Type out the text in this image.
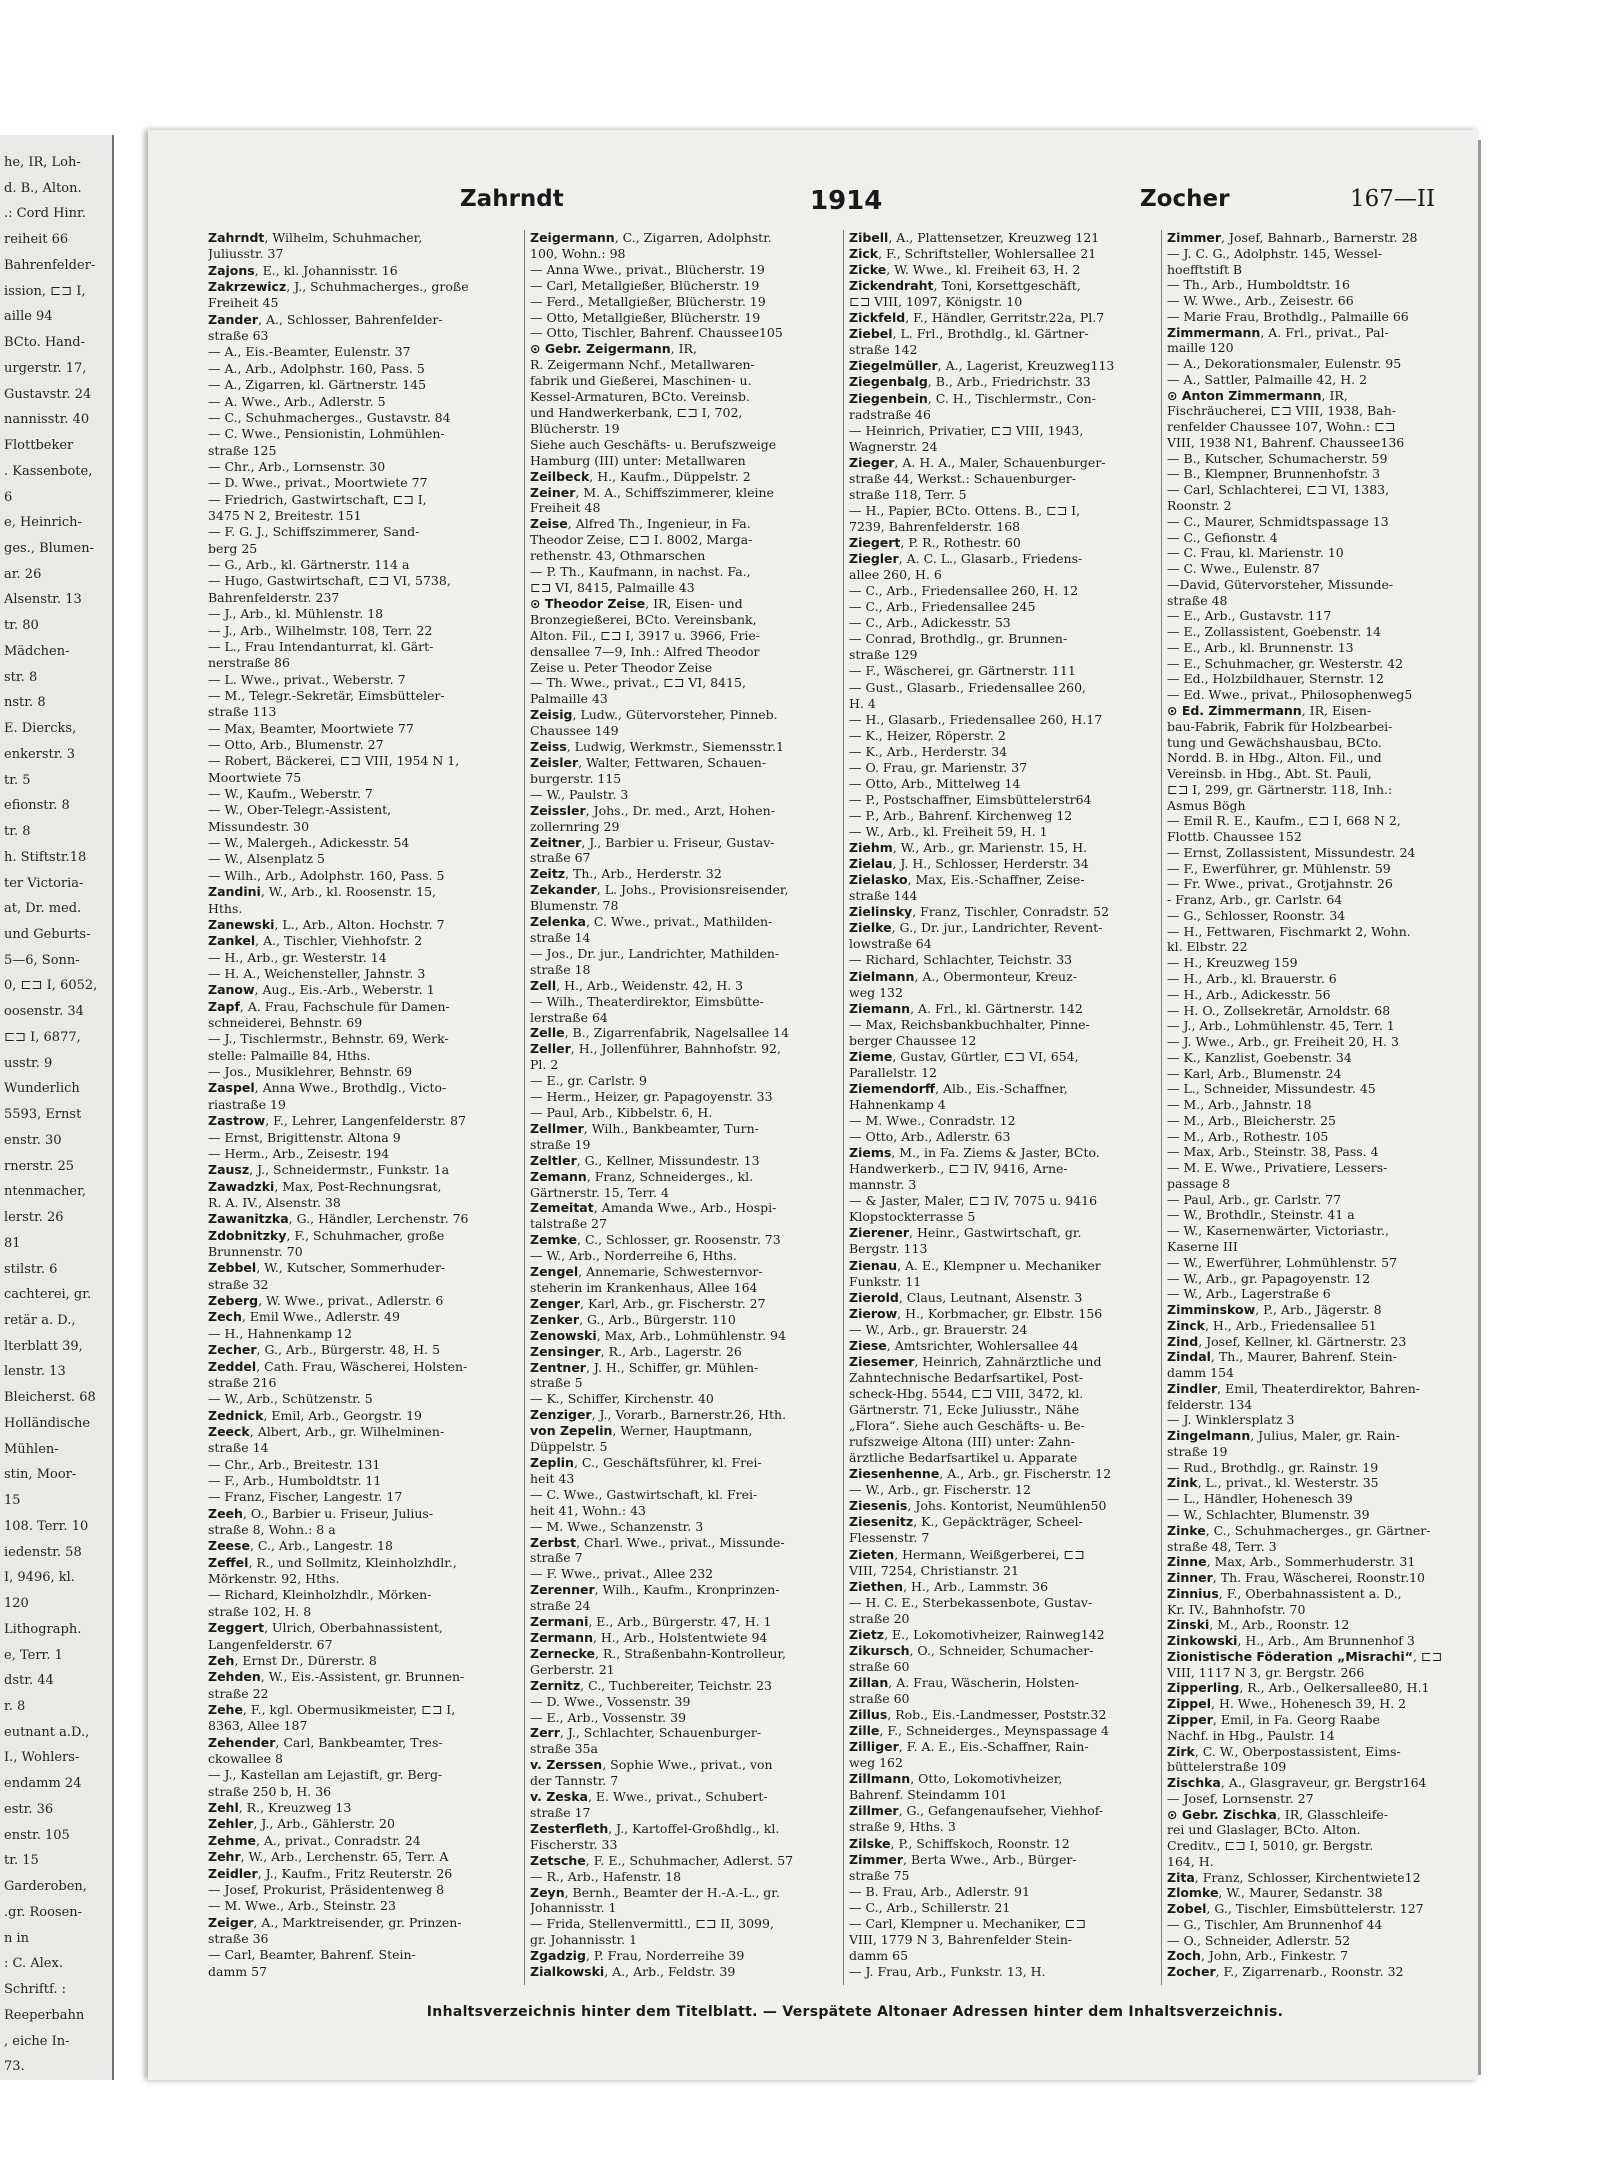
he, IR, Loh-
d. B., Alton.
.: Cord Hinr.
reiheit 66
Bahrenfelder-
ission, ⊏⊐ I,
aille 94
BCto. Hand-
urgerstr. 17,
Gustavstr. 24
nannisstr. 40
Flottbeker
. Kassenbote,
6
e, Heinrich-
ges., Blumen-
ar. 26
Alsenstr. 13
tr. 80
Mädchen-
str. 8
nstr. 8
E. Diercks,
enkerstr. 3
tr. 5
efionstr. 8
tr. 8
h. Stiftstr.18
ter Victoria-
at, Dr. med.
und Geburts-
5—6, Sonn-
0, ⊏⊐ I, 6052,
oosenstr. 34
⊏⊐ I, 6877,
usstr. 9
Wunderlich
5593, Ernst
enstr. 30
rnerstr. 25
ntenmacher,
lerstr. 26
81
stilstr. 6
cachterei, gr.
retär a. D.,
lterblatt 39,
lenstr. 13
Bleicherst. 68
Holländische
Mühlen-
stin, Moor-
15
108. Terr. 10
iedenstr. 58
I, 9496, kl.
120
Lithograph.
e, Terr. 1
dstr. 44
r. 8
eutnant a.D.,
I., Wohlers-
endamm 24
estr. 36
enstr. 105
tr. 15
Garderoben,
.gr. Roosen-
n in
: C. Alex.
Schriftf. :
Reeperbahn
, eiche In-
73.
Zahrndt	1914	Zocher	167—II
Zahrndt, Wilhelm, Schuhmacher,
Juliusstr. 37
Zajons, E., kl. Johannisstr. 16
Zakrzewicz, J., Schuhmacherges., große
Freiheit 45
Zander, A., Schlosser, Bahrenfelder-
straße 63
— A., Eis.-Beamter, Eulenstr. 37
— A., Arb., Adolphstr. 160, Pass. 5
— A., Zigarren, kl. Gärtnerstr. 145
— A. Wwe., Arb., Adlerstr. 5
— C., Schuhmacherges., Gustavstr. 84
— C. Wwe., Pensionistin, Lohmühlen-
straße 125
— Chr., Arb., Lornsenstr. 30
— D. Wwe., privat., Moortwiete 77
— Friedrich, Gastwirtschaft, ⊏⊐ I,
3475 N 2, Breitestr. 151
— F. G. J., Schiffszimmerer, Sand-
berg 25
— G., Arb., kl. Gärtnerstr. 114 a
— Hugo, Gastwirtschaft, ⊏⊐ VI, 5738,
Bahrenfelderstr. 237
— J., Arb., kl. Mühlenstr. 18
— J., Arb., Wilhelmstr. 108, Terr. 22
— L., Frau Intendanturrat, kl. Gärt-
nerstraße 86
— L. Wwe., privat., Weberstr. 7
— M., Telegr.-Sekretär, Eimsbütteler-
straße 113
— Max, Beamter, Moortwiete 77
— Otto, Arb., Blumenstr. 27
— Robert, Bäckerei, ⊏⊐ VIII, 1954 N 1,
Moortwiete 75
— W., Kaufm., Weberstr. 7
— W., Ober-Telegr.-Assistent,
Missundestr. 30
— W., Malergeh., Adickesstr. 54
— W., Alsenplatz 5
— Wilh., Arb., Adolphstr. 160, Pass. 5
Zandini, W., Arb., kl. Roosenstr. 15,
Hths.
Zanewski, L., Arb., Alton. Hochstr. 7
Zankel, A., Tischler, Viehhofstr. 2
— H., Arb., gr. Westerstr. 14
— H. A., Weichensteller, Jahnstr. 3
Zanow, Aug., Eis.-Arb., Weberstr. 1
Zapf, A. Frau, Fachschule für Damen-
schneiderei, Behnstr. 69
— J., Tischlermstr., Behnstr. 69, Werk-
stelle: Palmaille 84, Hths.
— Jos., Musiklehrer, Behnstr. 69
Zaspel, Anna Wwe., Brothdlg., Victo-
riastraße 19
Zastrow, F., Lehrer, Langenfelderstr. 87
— Ernst, Brigittenstr. Altona 9
— Herm., Arb., Zeisestr. 194
Zausz, J., Schneidermstr., Funkstr. 1a
Zawadzki, Max, Post-Rechnungsrat,
R. A. IV., Alsenstr. 38
Zawanitzka, G., Händler, Lerchenstr. 76
Zdobnitzky, F., Schuhmacher, große
Brunnenstr. 70
Zebbel, W., Kutscher, Sommerhuder-
straße 32
Zeberg, W. Wwe., privat., Adlerstr. 6
Zech, Emil Wwe., Adlerstr. 49
— H., Hahnenkamp 12
Zecher, G., Arb., Bürgerstr. 48, H. 5
Zeddel, Cath. Frau, Wäscherei, Holsten-
straße 216
— W., Arb., Schützenstr. 5
Zednick, Emil, Arb., Georgstr. 19
Zeeck, Albert, Arb., gr. Wilhelminen-
straße 14
— Chr., Arb., Breitestr. 131
— F., Arb., Humboldtstr. 11
— Franz, Fischer, Langestr. 17
Zeeh, O., Barbier u. Friseur, Julius-
straße 8, Wohn.: 8 a
Zeese, C., Arb., Langestr. 18
Zeffel, R., und Sollmitz, Kleinholzhdlr.,
Mörkenstr. 92, Hths.
— Richard, Kleinholzhdlr., Mörken-
straße 102, H. 8
Zeggert, Ulrich, Oberbahnassistent,
Langenfelderstr. 67
Zeh, Ernst Dr., Dürerstr. 8
Zehden, W., Eis.-Assistent, gr. Brunnen-
straße 22
Zehe, F., kgl. Obermusikmeister, ⊏⊐ I,
8363, Allee 187
Zehender, Carl, Bankbeamter, Tres-
ckowallee 8
— J., Kastellan am Lejastift, gr. Berg-
straße 250 b, H. 36
Zehl, R., Kreuzweg 13
Zehler, J., Arb., Gählerstr. 20
Zehme, A., privat., Conradstr. 24
Zehr, W., Arb., Lerchenstr. 65, Terr. A
Zeidler, J., Kaufm., Fritz Reuterstr. 26
— Josef, Prokurist, Präsidentenweg 8
— M. Wwe., Arb., Steinstr. 23
Zeiger, A., Marktreisender, gr. Prinzen-
straße 36
— Carl, Beamter, Bahrenf. Stein-
damm 57
Zeigermann, C., Zigarren, Adolphstr.
100, Wohn.: 98
— Anna Wwe., privat., Blücherstr. 19
— Carl, Metallgießer, Blücherstr. 19
— Ferd., Metallgießer, Blücherstr. 19
— Otto, Metallgießer, Blücherstr. 19
— Otto, Tischler, Bahrenf. Chaussee105
⊙ Gebr. Zeigermann, IR,
R. Zeigermann Nchf., Metallwaren-
fabrik und Gießerei, Maschinen- u.
Kessel-Armaturen, BCto. Vereinsb.
und Handwerkerbank, ⊏⊐ I, 702,
Blücherstr. 19
Siehe auch Geschäfts- u. Berufszweige
Hamburg (III) unter: Metallwaren
Zeilbeck, H., Kaufm., Düppelstr. 2
Zeiner, M. A., Schiffszimmerer, kleine
Freiheit 48
Zeise, Alfred Th., Ingenieur, in Fa.
Theodor Zeise, ⊏⊐ I. 8002, Marga-
rethenstr. 43, Othmarschen
— P. Th., Kaufmann, in nachst. Fa.,
⊏⊐ VI, 8415, Palmaille 43
⊙ Theodor Zeise, IR, Eisen- und
Bronzegießerei, BCto. Vereinsbank,
Alton. Fil., ⊏⊐ I, 3917 u. 3966, Frie-
densallee 7—9, Inh.: Alfred Theodor
Zeise u. Peter Theodor Zeise
— Th. Wwe., privat., ⊏⊐ VI, 8415,
Palmaille 43
Zeisig, Ludw., Gütervorsteher, Pinneb.
Chaussee 149
Zeiss, Ludwig, Werkmstr., Siemensstr.1
Zeisler, Walter, Fettwaren, Schauen-
burgerstr. 115
— W., Paulstr. 3
Zeissler, Johs., Dr. med., Arzt, Hohen-
zollernring 29
Zeitner, J., Barbier u. Friseur, Gustav-
straße 67
Zeitz, Th., Arb., Herderstr. 32
Zekander, L. Johs., Provisionsreisender,
Blumenstr. 78
Zelenka, C. Wwe., privat., Mathilden-
straße 14
— Jos., Dr. jur., Landrichter, Mathilden-
straße 18
Zell, H., Arb., Weidenstr. 42, H. 3
— Wilh., Theaterdirektor, Eimsbütte-
lerstraße 64
Zelle, B., Zigarrenfabrik, Nagelsallee 14
Zeller, H., Jollenführer, Bahnhofstr. 92,
Pl. 2
— E., gr. Carlstr. 9
— Herm., Heizer, gr. Papagoyenstr. 33
— Paul, Arb., Kibbelstr. 6, H.
Zellmer, Wilh., Bankbeamter, Turn-
straße 19
Zeltler, G., Kellner, Missundestr. 13
Zemann, Franz, Schneiderges., kl.
Gärtnerstr. 15, Terr. 4
Zemeitat, Amanda Wwe., Arb., Hospi-
talstraße 27
Zemke, C., Schlosser, gr. Roosenstr. 73
— W., Arb., Norderreihe 6, Hths.
Zengel, Annemarie, Schwesternvor-
steherin im Krankenhaus, Allee 164
Zenger, Karl, Arb., gr. Fischerstr. 27
Zenker, G., Arb., Bürgerstr. 110
Zenowski, Max, Arb., Lohmühlenstr. 94
Zensinger, R., Arb., Lagerstr. 26
Zentner, J. H., Schiffer, gr. Mühlen-
straße 5
— K., Schiffer, Kirchenstr. 40
Zenziger, J., Vorarb., Barnerstr.26, Hth.
von Zepelin, Werner, Hauptmann,
Düppelstr. 5
Zeplin, C., Geschäftsführer, kl. Frei-
heit 43
— C. Wwe., Gastwirtschaft, kl. Frei-
heit 41, Wohn.: 43
— M. Wwe., Schanzenstr. 3
Zerbst, Charl. Wwe., privat., Missunde-
straße 7
— F. Wwe., privat., Allee 232
Zerenner, Wilh., Kaufm., Kronprinzen-
straße 24
Zermani, E., Arb., Bürgerstr. 47, H. 1
Zermann, H., Arb., Holstentwiete 94
Zernecke, R., Straßenbahn-Kontrolleur,
Gerberstr. 21
Zernitz, C., Tuchbereiter, Teichstr. 23
— D. Wwe., Vossenstr. 39
— E., Arb., Vossenstr. 39
Zerr, J., Schlachter, Schauenburger-
straße 35a
v. Zerssen, Sophie Wwe., privat., von
der Tannstr. 7
v. Zeska, E. Wwe., privat., Schubert-
straße 17
Zesterfleth, J., Kartoffel-Großhdlg., kl.
Fischerstr. 33
Zetsche, F. E., Schuhmacher, Adlerst. 57
— R., Arb., Hafenstr. 18
Zeyn, Bernh., Beamter der H.-A.-L., gr.
Johannisstr. 1
— Frida, Stellenvermittl., ⊏⊐ II, 3099,
gr. Johannisstr. 1
Zgadzig, P. Frau, Norderreihe 39
Zialkowski, A., Arb., Feldstr. 39
Zibell, A., Plattensetzer, Kreuzweg 121
Zick, F., Schriftsteller, Wohlersallee 21
Zicke, W. Wwe., kl. Freiheit 63, H. 2
Zickendraht, Toni, Korsettgeschäft,
⊏⊐ VIII, 1097, Königstr. 10
Zickfeld, F., Händler, Gerritstr.22a, Pl.7
Ziebel, L. Frl., Brothdlg., kl. Gärtner-
straße 142
Ziegelmüller, A., Lagerist, Kreuzweg113
Ziegenbalg, B., Arb., Friedrichstr. 33
Ziegenbein, C. H., Tischlermstr., Con-
radstraße 46
— Heinrich, Privatier, ⊏⊐ VIII, 1943,
Wagnerstr. 24
Zieger, A. H. A., Maler, Schauenburger-
straße 44, Werkst.: Schauenburger-
straße 118, Terr. 5
— H., Papier, BCto. Ottens. B., ⊏⊐ I,
7239, Bahrenfelderstr. 168
Ziegert, P. R., Rothestr. 60
Ziegler, A. C. L., Glasarb., Friedens-
allee 260, H. 6
— C., Arb., Friedensallee 260, H. 12
— C., Arb., Friedensallee 245
— C., Arb., Adickesstr. 53
— Conrad, Brothdlg., gr. Brunnen-
straße 129
— F., Wäscherei, gr. Gärtnerstr. 111
— Gust., Glasarb., Friedensallee 260,
H. 4
— H., Glasarb., Friedensallee 260, H.17
— K., Heizer, Röperstr. 2
— K., Arb., Herderstr. 34
— O. Frau, gr. Marienstr. 37
— Otto, Arb., Mittelweg 14
— P., Postschaffner, Eimsbüttelerstr64
— P., Arb., Bahrenf. Kirchenweg 12
— W., Arb., kl. Freiheit 59, H. 1
Ziehm, W., Arb., gr. Marienstr. 15, H.
Zielau, J. H., Schlosser, Herderstr. 34
Zielasko, Max, Eis.-Schaffner, Zeise-
straße 144
Zielinsky, Franz, Tischler, Conradstr. 52
Zielke, G., Dr. jur., Landrichter, Revent-
lowstraße 64
— Richard, Schlachter, Teichstr. 33
Zielmann, A., Obermonteur, Kreuz-
weg 132
Ziemann, A. Frl., kl. Gärtnerstr. 142
— Max, Reichsbankbuchhalter, Pinne-
berger Chaussee 12
Zieme, Gustav, Gürtler, ⊏⊐ VI, 654,
Parallelstr. 12
Ziemendorff, Alb., Eis.-Schaffner,
Hahnenkamp 4
— M. Wwe., Conradstr. 12
— Otto, Arb., Adlerstr. 63
Ziems, M., in Fa. Ziems & Jaster, BCto.
Handwerkerb., ⊏⊐ IV, 9416, Arne-
mannstr. 3
— & Jaster, Maler, ⊏⊐ IV, 7075 u. 9416
Klopstockterrasse 5
Zierener, Heinr., Gastwirtschaft, gr.
Bergstr. 113
Zienau, A. E., Klempner u. Mechaniker
Funkstr. 11
Zierold, Claus, Leutnant, Alsenstr. 3
Zierow, H., Korbmacher, gr. Elbstr. 156
— W., Arb., gr. Brauerstr. 24
Ziese, Amtsrichter, Wohlersallee 44
Ziesemer, Heinrich, Zahnärztliche und
Zahntechnische Bedarfsartikel, Post-
scheck-Hbg. 5544, ⊏⊐ VIII, 3472, kl.
Gärtnerstr. 71, Ecke Juliusstr., Nähe
„Flora“. Siehe auch Geschäfts- u. Be-
rufszweige Altona (III) unter: Zahn-
ärztliche Bedarfsartikel u. Apparate
Ziesenhenne, A., Arb., gr. Fischerstr. 12
— W., Arb., gr. Fischerstr. 12
Ziesenis, Johs. Kontorist, Neumühlen50
Ziesenitz, K., Gepäckträger, Scheel-
Flessenstr. 7
Zieten, Hermann, Weißgerberei, ⊏⊐
VIII, 7254, Christianstr. 21
Ziethen, H., Arb., Lammstr. 36
— H. C. E., Sterbekassenbote, Gustav-
straße 20
Zietz, E., Lokomotivheizer, Rainweg142
Zikursch, O., Schneider, Schumacher-
straße 60
Zillan, A. Frau, Wäscherin, Holsten-
straße 60
Zillus, Rob., Eis.-Landmesser, Poststr.32
Zille, F., Schneiderges., Meynspassage 4
Zilliger, F. A. E., Eis.-Schaffner, Rain-
weg 162
Zillmann, Otto, Lokomotivheizer,
Bahrenf. Steindamm 101
Zillmer, G., Gefangenaufseher, Viehhof-
straße 9, Hths. 3
Zilske, P., Schiffskoch, Roonstr. 12
Zimmer, Berta Wwe., Arb., Bürger-
straße 75
— B. Frau, Arb., Adlerstr. 91
— C., Arb., Schillerstr. 21
— Carl, Klempner u. Mechaniker, ⊏⊐
VIII, 1779 N 3, Bahrenfelder Stein-
damm 65
— J. Frau, Arb., Funkstr. 13, H.
Zimmer, Josef, Bahnarb., Barnerstr. 28
— J. C. G., Adolphstr. 145, Wessel-
hoefftstift B
— Th., Arb., Humboldtstr. 16
— W. Wwe., Arb., Zeisestr. 66
— Marie Frau, Brothdlg., Palmaille 66
Zimmermann, A. Frl., privat., Pal-
maille 120
— A., Dekorationsmaler, Eulenstr. 95
— A., Sattler, Palmaille 42, H. 2
⊙ Anton Zimmermann, IR,
Fischräucherei, ⊏⊐ VIII, 1938, Bah-
renfelder Chaussee 107, Wohn.: ⊏⊐
VIII, 1938 N1, Bahrenf. Chaussee136
— B., Kutscher, Schumacherstr. 59
— B., Klempner, Brunnenhofstr. 3
— Carl, Schlachterei, ⊏⊐ VI, 1383,
Roonstr. 2
— C., Maurer, Schmidtspassage 13
— C., Gefionstr. 4
— C. Frau, kl. Marienstr. 10
— C. Wwe., Eulenstr. 87
—David, Gütervorsteher, Missunde-
straße 48
— E., Arb., Gustavstr. 117
— E., Zollassistent, Goebenstr. 14
— E., Arb., kl. Brunnenstr. 13
— E., Schuhmacher, gr. Westerstr. 42
— Ed., Holzbildhauer, Sternstr. 12
— Ed. Wwe., privat., Philosophenweg5
⊙ Ed. Zimmermann, IR, Eisen-
bau-Fabrik, Fabrik für Holzbearbei-
tung und Gewächshausbau, BCto.
Nordd. B. in Hbg., Alton. Fil., und
Vereinsb. in Hbg., Abt. St. Pauli,
⊏⊐ I, 299, gr. Gärtnerstr. 118, Inh.:
Asmus Bögh
— Emil R. E., Kaufm., ⊏⊐ I, 668 N 2,
Flottb. Chaussee 152
— Ernst, Zollassistent, Missundestr. 24
— F., Ewerführer, gr. Mühlenstr. 59
— Fr. Wwe., privat., Grotjahnstr. 26
- Franz, Arb., gr. Carlstr. 64
— G., Schlosser, Roonstr. 34
— H., Fettwaren, Fischmarkt 2, Wohn.
kl. Elbstr. 22
— H., Kreuzweg 159
— H., Arb., kl. Brauerstr. 6
— H., Arb., Adickesstr. 56
— H. O., Zollsekretär, Arnoldstr. 68
— J., Arb., Lohmühlenstr. 45, Terr. 1
— J. Wwe., Arb., gr. Freiheit 20, H. 3
— K., Kanzlist, Goebenstr. 34
— Karl, Arb., Blumenstr. 24
— L., Schneider, Missundestr. 45
— M., Arb., Jahnstr. 18
— M., Arb., Bleicherstr. 25
— M., Arb., Rothestr. 105
— Max, Arb., Steinstr. 38, Pass. 4
— M. E. Wwe., Privatiere, Lessers-
passage 8
— Paul, Arb., gr. Carlstr. 77
— W., Brothdlr., Steinstr. 41 a
— W., Kasernenwärter, Victoriastr.,
Kaserne III
— W., Ewerführer, Lohmühlenstr. 57
— W., Arb., gr. Papagoyenstr. 12
— W., Arb., Lagerstraße 6
Zimminskow, P., Arb., Jägerstr. 8
Zinck, H., Arb., Friedensallee 51
Zind, Josef, Kellner, kl. Gärtnerstr. 23
Zindal, Th., Maurer, Bahrenf. Stein-
damm 154
Zindler, Emil, Theaterdirektor, Bahren-
felderstr. 134
— J. Winklersplatz 3
Zingelmann, Julius, Maler, gr. Rain-
straße 19
— Rud., Brothdlg., gr. Rainstr. 19
Zink, L., privat., kl. Westerstr. 35
— L., Händler, Hohenesch 39
— W., Schlachter, Blumenstr. 39
Zinke, C., Schuhmacherges., gr. Gärtner-
straße 48, Terr. 3
Zinne, Max, Arb., Sommerhuderstr. 31
Zinner, Th. Frau, Wäscherei, Roonstr.10
Zinnius, F., Oberbahnassistent a. D.,
Kr. IV., Bahnhofstr. 70
Zinski, M., Arb., Roonstr. 12
Zinkowski, H., Arb., Am Brunnenhof 3
Zionistische Föderation „Misrachi“, ⊏⊐
VIII, 1117 N 3, gr. Bergstr. 266
Zipperling, R., Arb., Oelkersallee80, H.1
Zippel, H. Wwe., Hohenesch 39, H. 2
Zipper, Emil, in Fa. Georg Raabe
Nachf. in Hbg., Paulstr. 14
Zirk, C. W., Oberpostassistent, Eims-
büttelerstraße 109
Zischka, A., Glasgraveur, gr. Bergstr164
— Josef, Lornsenstr. 27
⊙ Gebr. Zischka, IR, Glasschleife-
rei und Glaslager, BCto. Alton.
Creditv., ⊏⊐ I, 5010, gr. Bergstr.
164, H.
Zita, Franz, Schlosser, Kirchentwiete12
Zlomke, W., Maurer, Sedanstr. 38
Zobel, G., Tischler, Eimsbüttelerstr. 127
— G., Tischler, Am Brunnenhof 44
— O., Schneider, Adlerstr. 52
Zoch, John, Arb., Finkestr. 7
Zocher, F., Zigarrenarb., Roonstr. 32
Inhaltsverzeichnis hinter dem Titelblatt. — Verspätete Altonaer Adressen hinter dem Inhaltsverzeichnis.
